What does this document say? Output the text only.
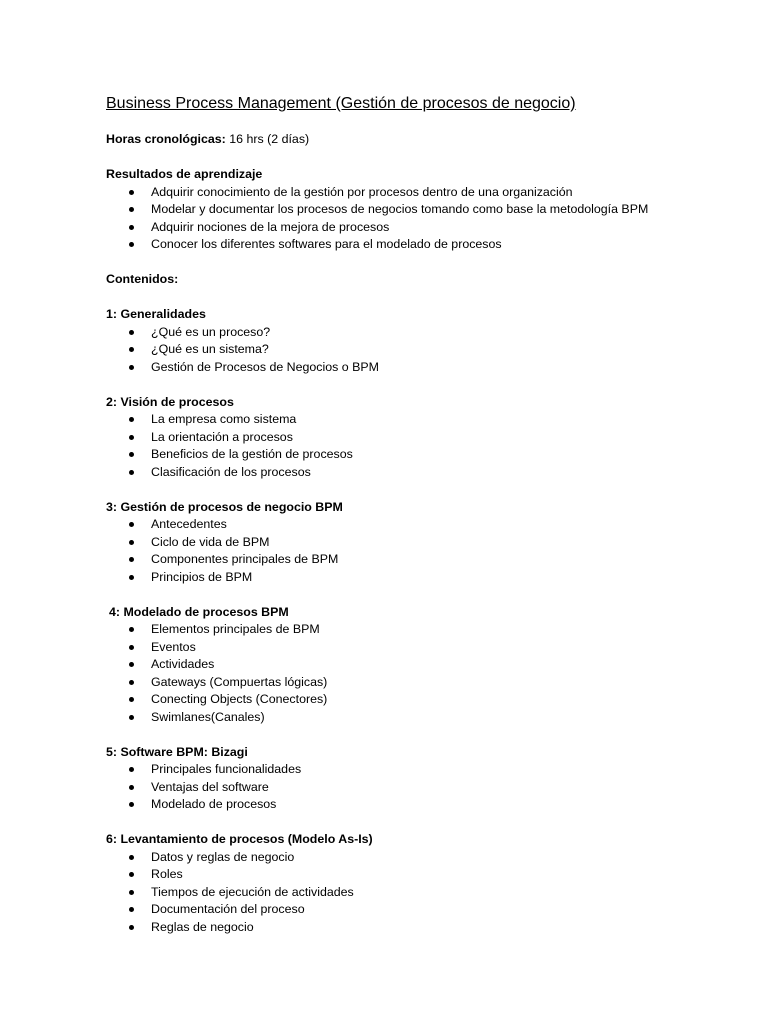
Business Process Management (Gestión de procesos de negocio)

Horas cronológicas: 16 hrs (2 días)

Resultados de aprendizaje

Adquirir conocimiento de la gestión por procesos dentro de una organización
Modelar y documentar los procesos de negocios tomando como base la metodología BPM
Adquirir nociones de la mejora de procesos
Conocer los diferentes softwares para el modelado de procesos

Contenidos:

1: Generalidades

¿Qué es un proceso?
¿Qué es un sistema?
Gestión de Procesos de Negocios o BPM

2: Visión de procesos

La empresa como sistema
La orientación a procesos
Beneficios de la gestión de procesos
Clasificación de los procesos

3: Gestión de procesos de negocio BPM

Antecedentes
Ciclo de vida de BPM
Componentes principales de BPM
Principios de BPM

4: Modelado de procesos BPM

Elementos principales de BPM
Eventos
Actividades
Gateways (Compuertas lógicas)
Conecting Objects (Conectores)
Swimlanes(Canales)

5: Software BPM: Bizagi

Principales funcionalidades
Ventajas del software
Modelado de procesos

6: Levantamiento de procesos (Modelo As-Is)

Datos y reglas de negocio
Roles
Tiempos de ejecución de actividades
Documentación del proceso
Reglas de negocio
